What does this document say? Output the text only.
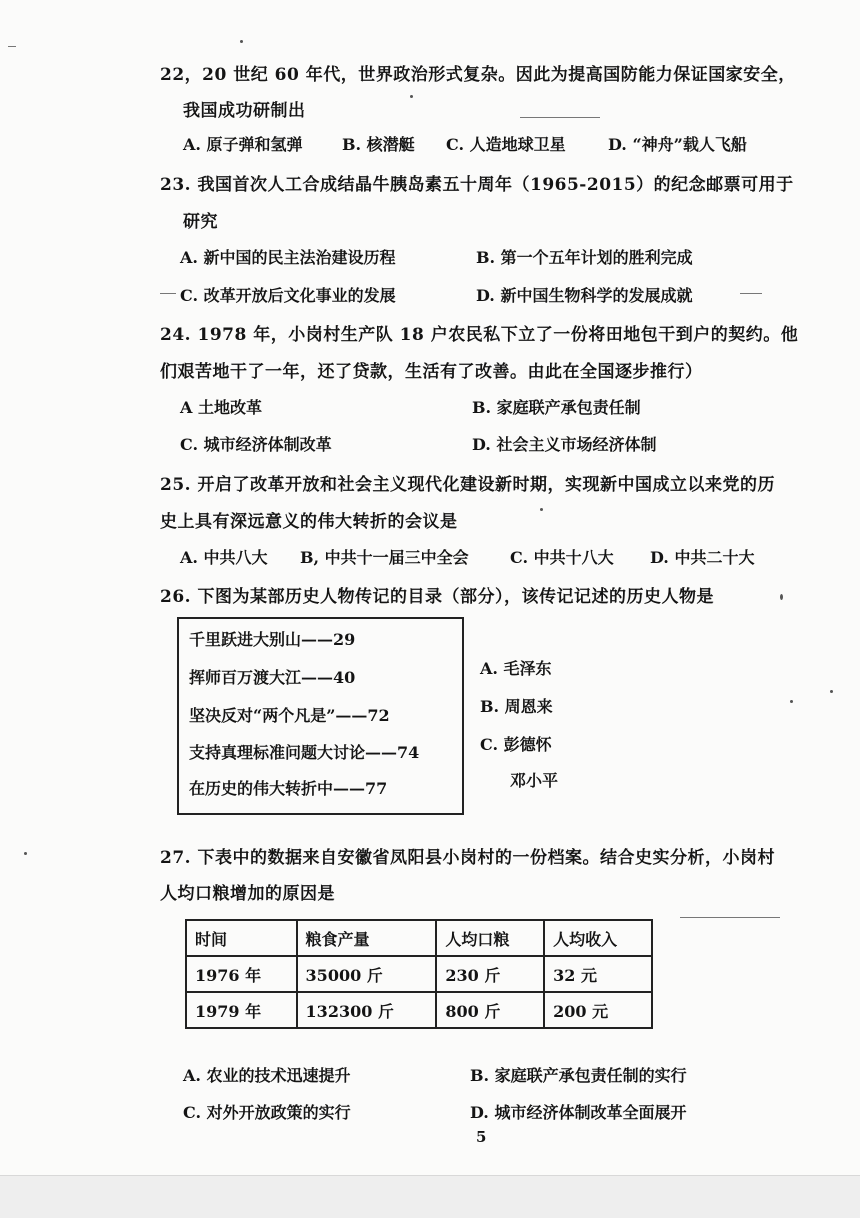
22，20 世纪 60 年代，世界政治形式复杂。因此为提高国防能力保证国家安全，
我国成功研制出
A. 原子弹和氢弹 B. 核潜艇 C. 人造地球卫星	D. “神舟”载人飞船
23. 我国首次人工合成结晶牛胰岛素五十周年（1965-2015）的纪念邮票可用于
研究
A. 新中国的民主法治建设历程	B. 第一个五年计划的胜利完成
C. 改革开放后文化事业的发展	D. 新中国生物科学的发展成就
24. 1978 年，小岗村生产队 18 户农民私下立了一份将田地包干到户的契约。他
们艰苦地干了一年，还了贷款，生活有了改善。由此在全国逐步推行）
A 土地改革	B. 家庭联产承包责任制
C. 城市经济体制改革	D. 社会主义市场经济体制
25. 开启了改革开放和社会主义现代化建设新时期，实现新中国成立以来党的历
史上具有深远意义的伟大转折的会议是
A. 中共八大 B, 中共十一届三中全会	C. 中共十八大 D. 中共二十大
26. 下图为某部历史人物传记的目录（部分），该传记记述的历史人物是
千里跃进大别山——29
挥师百万渡大江——40
坚决反对“两个凡是”——72
支持真理标准问题大讨论——74
在历史的伟大转折中——77
A. 毛泽东
B. 周恩来
C. 彭德怀
邓小平
27. 下表中的数据来自安徽省凤阳县小岗村的一份档案。结合史实分析，小岗村
人均口粮增加的原因是
时间	粮食产量	人均口粮	人均收入
1976 年	35000 斤	230 斤	32 元
1979 年	132300 斤	800 斤	200 元
A. 农业的技术迅速提升	B. 家庭联产承包责任制的实行
C. 对外开放政策的实行	D. 城市经济体制改革全面展开
5
